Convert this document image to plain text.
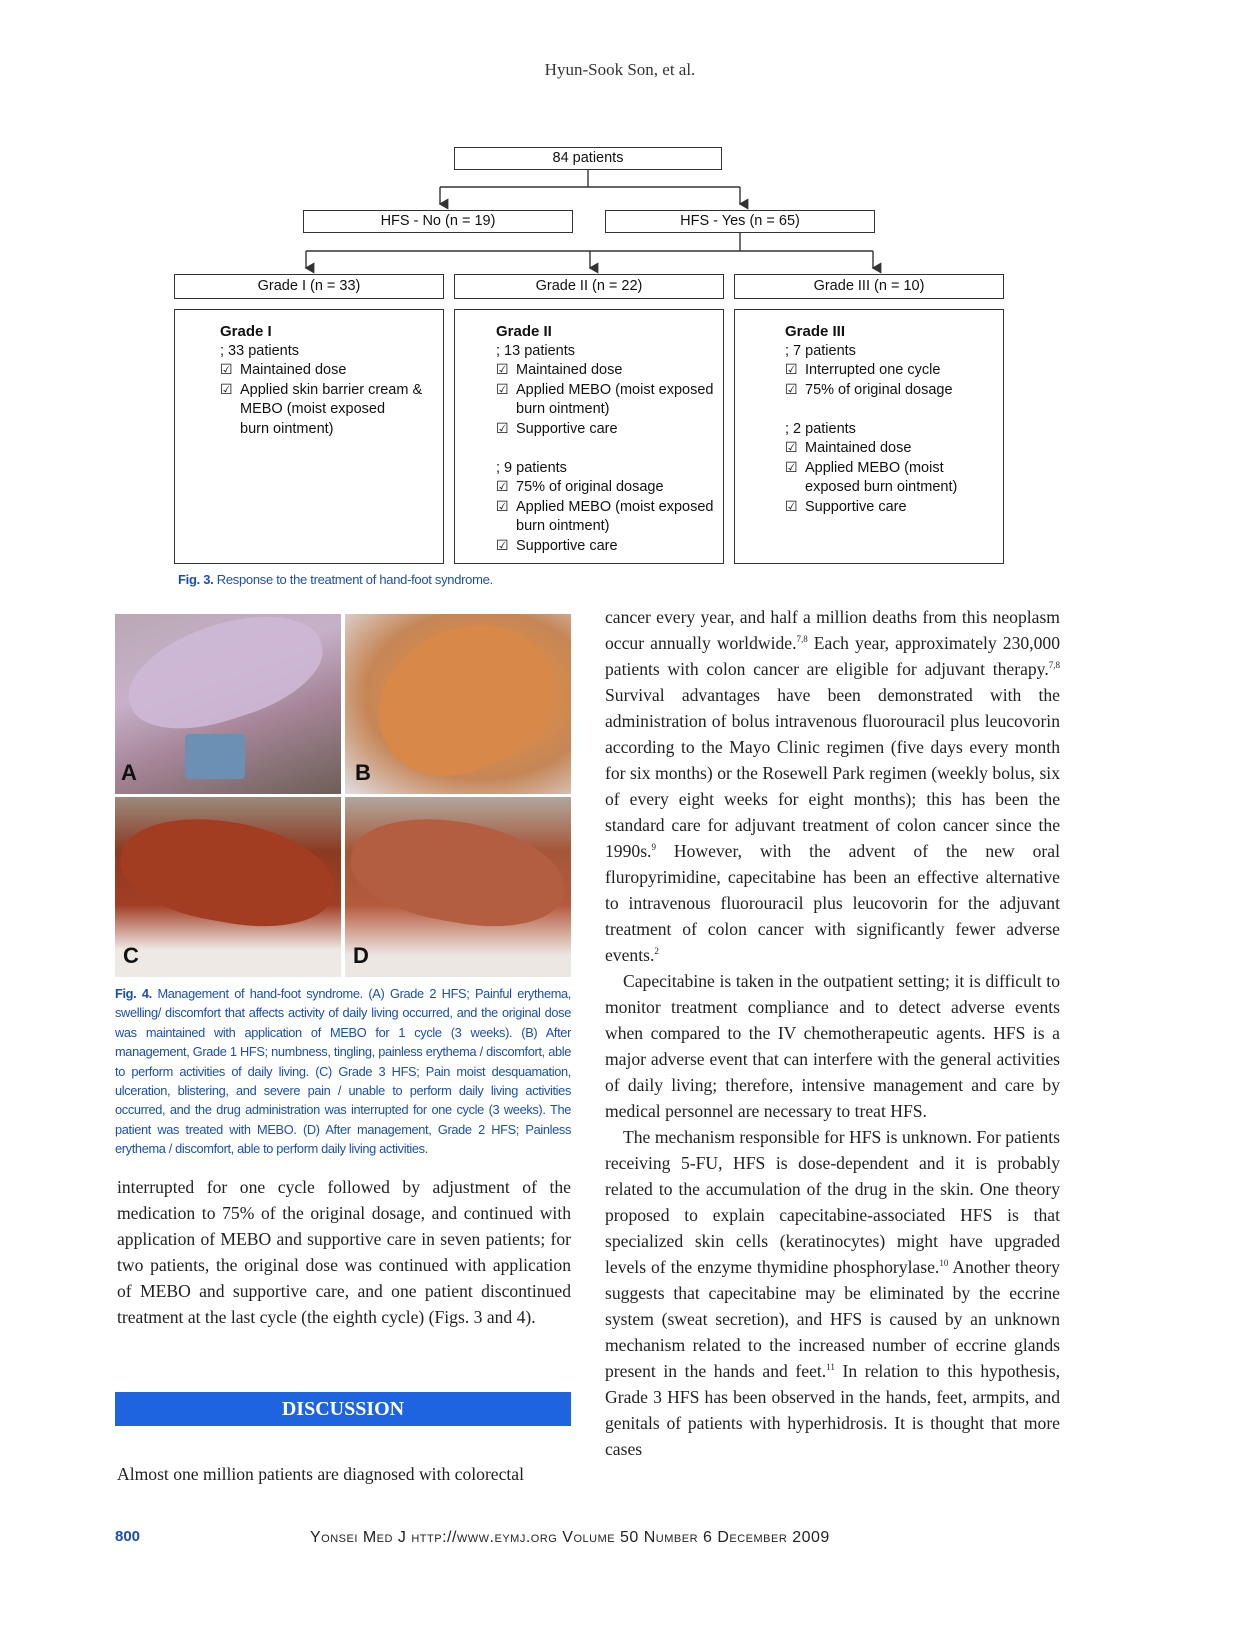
Hyun-Sook Son, et al.
84 patients
HFS - No (n = 19)	HFS - Yes (n = 65)
Grade I (n = 33)	Grade II (n = 22)	Grade III (n = 10)
Grade I
; 33 patients
☑ Maintained dose
☑ Applied skin barrier cream &
MEBO (moist exposed
burn ointment)
Grade II
; 13 patients
☑ Maintained dose
☑ Applied MEBO (moist exposed
burn ointment)
☑ Supportive care
; 9 patients
☑ 75% of original dosage
☑ Applied MEBO (moist exposed
burn ointment)
☑ Supportive care
Grade III
; 7 patients
☑ Interrupted one cycle
☑ 75% of original dosage
; 2 patients
☑ Maintained dose
☑ Applied MEBO (moist
exposed burn ointment)
☑ Supportive care
Fig. 3. Response to the treatment of hand-foot syndrome.
A	B
C	D
Fig. 4. Management of hand-foot syndrome. (A) Grade 2 HFS; Painful erythema, swelling/ discomfort that affects activity of daily living occurred, and the original dose was maintained with application of MEBO for 1 cycle (3 weeks). (B) After management, Grade 1 HFS; numbness, tingling, painless erythema / discomfort, able to perform activities of daily living. (C) Grade 3 HFS; Pain moist desquamation, ulceration, blistering, and severe pain / unable to perform daily living activities occurred, and the drug administration was interrupted for one cycle (3 weeks). The patient was treated with MEBO. (D) After management, Grade 2 HFS; Painless erythema / discomfort, able to perform daily living activities.

interrupted for one cycle followed by adjustment of the medication to 75% of the original dosage, and continued with application of MEBO and supportive care in seven patients; for two patients, the original dose was continued with application of MEBO and supportive care, and one patient discontinued treatment at the last cycle (the eighth cycle) (Figs. 3 and 4).

DISCUSSION
Almost one million patients are diagnosed with colorectal

cancer every year, and half a million deaths from this neoplasm occur annually worldwide.$^{7,8}$ Each year, approximately 230,000 patients with colon cancer are eligible for adjuvant therapy.$^{7,8}$ Survival advantages have been demonstrated with the administration of bolus intravenous fluorouracil plus leucovorin according to the Mayo Clinic regimen (five days every month for six months) or the Rosewell Park regimen (weekly bolus, six of every eight weeks for eight months); this has been the standard care for adjuvant treatment of colon cancer since the 1990s.$^9$ However, with the advent of the new oral fluropyrimidine, capecitabine has been an effective alternative to intravenous fluorouracil plus leucovorin for the adjuvant treatment of colon cancer with significantly fewer adverse events.$^2$

Capecitabine is taken in the outpatient setting; it is difficult to monitor treatment compliance and to detect adverse events when compared to the IV chemotherapeutic agents. HFS is a major adverse event that can interfere with the general activities of daily living; therefore, intensive management and care by medical personnel are necessary to treat HFS.

The mechanism responsible for HFS is unknown. For patients receiving 5-FU, HFS is dose-dependent and it is probably related to the accumulation of the drug in the skin. One theory proposed to explain capecitabine-associated HFS is that specialized skin cells (keratinocytes) might have upgraded levels of the enzyme thymidine phosphorylase.$^{10}$ Another theory suggests that capecitabine may be eliminated by the eccrine system (sweat secretion), and HFS is caused by an unknown mechanism related to the increased number of eccrine glands present in the hands and feet.$^{11}$ In relation to this hypothesis, Grade 3 HFS has been observed in the hands, feet, armpits, and genitals of patients with hyperhidrosis. It is thought that more cases

800	Yonsei Med J http://www.eymj.org Volume 50 Number 6 December 2009
